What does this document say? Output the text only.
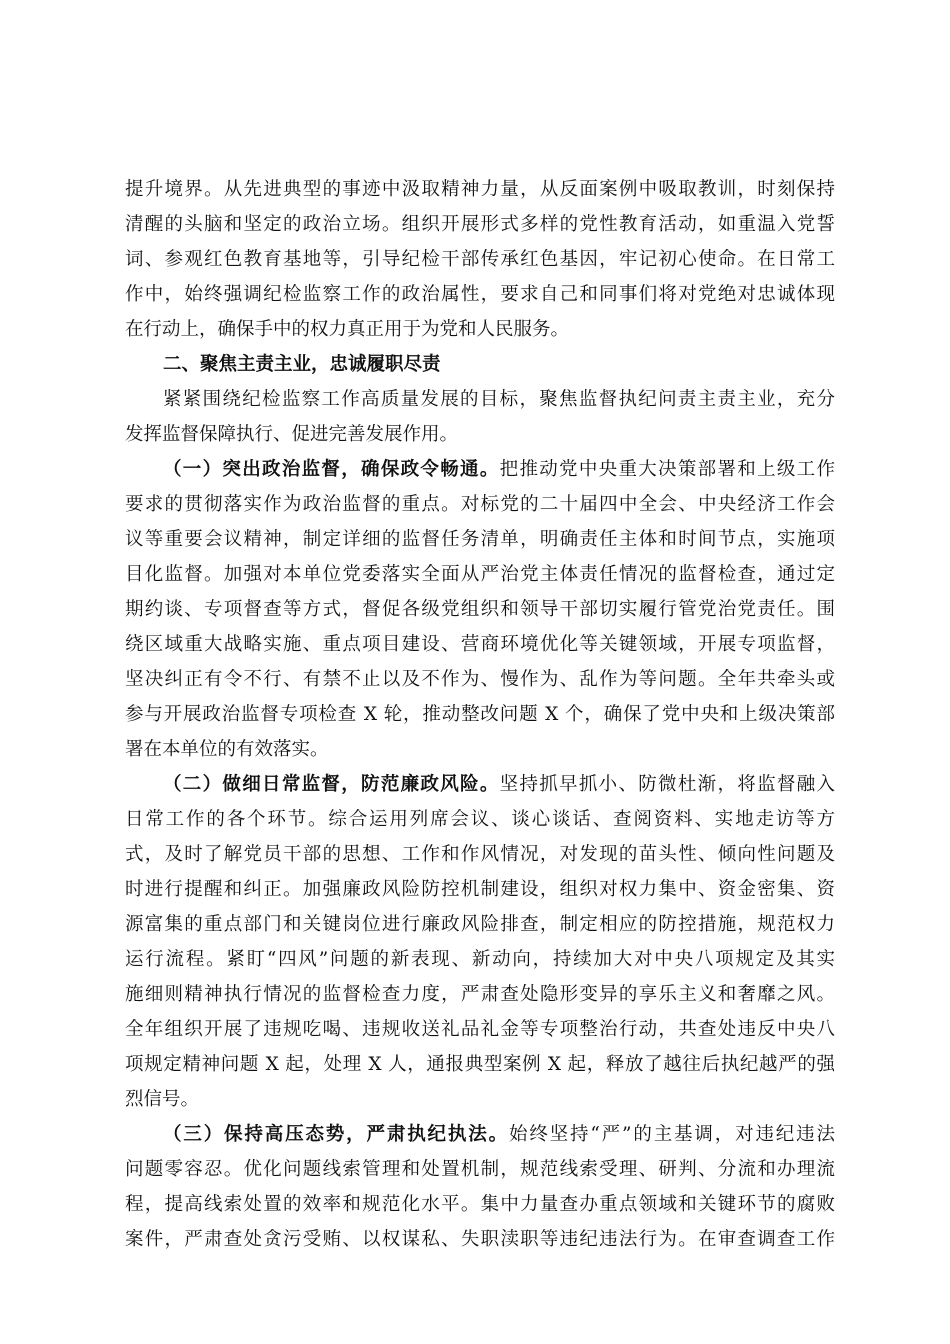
提升境界。从先进典型的事迹中汲取精神力量，从反面案例中吸取教训，时刻保持
清醒的头脑和坚定的政治立场。组织开展形式多样的党性教育活动，如重温入党誓
词、参观红色教育基地等，引导纪检干部传承红色基因，牢记初心使命。在日常工
作中，始终强调纪检监察工作的政治属性，要求自己和同事们将对党绝对忠诚体现
在行动上，确保手中的权力真正用于为党和人民服务。
二、聚焦主责主业，忠诚履职尽责
紧紧围绕纪检监察工作高质量发展的目标，聚焦监督执纪问责主责主业，充分
发挥监督保障执行、促进完善发展作用。
（一）突出政治监督，确保政令畅通。把推动党中央重大决策部署和上级工作
要求的贯彻落实作为政治监督的重点。对标党的二十届四中全会、中央经济工作会
议等重要会议精神，制定详细的监督任务清单，明确责任主体和时间节点，实施项
目化监督。加强对本单位党委落实全面从严治党主体责任情况的监督检查，通过定
期约谈、专项督查等方式，督促各级党组织和领导干部切实履行管党治党责任。围
绕区域重大战略实施、重点项目建设、营商环境优化等关键领域，开展专项监督，
坚决纠正有令不行、有禁不止以及不作为、慢作为、乱作为等问题。全年共牵头或
参与开展政治监督专项检查 X 轮，推动整改问题 X 个，确保了党中央和上级决策部
署在本单位的有效落实。
（二）做细日常监督，防范廉政风险。坚持抓早抓小、防微杜渐，将监督融入
日常工作的各个环节。综合运用列席会议、谈心谈话、查阅资料、实地走访等方
式，及时了解党员干部的思想、工作和作风情况，对发现的苗头性、倾向性问题及
时进行提醒和纠正。加强廉政风险防控机制建设，组织对权力集中、资金密集、资
源富集的重点部门和关键岗位进行廉政风险排查，制定相应的防控措施，规范权力
运行流程。紧盯“四风”问题的新表现、新动向，持续加大对中央八项规定及其实
施细则精神执行情况的监督检查力度，严肃查处隐形变异的享乐主义和奢靡之风。
全年组织开展了违规吃喝、违规收送礼品礼金等专项整治行动，共查处违反中央八
项规定精神问题 X 起，处理 X 人，通报典型案例 X 起，释放了越往后执纪越严的强
烈信号。
（三）保持高压态势，严肃执纪执法。始终坚持“严”的主基调，对违纪违法
问题零容忍。优化问题线索管理和处置机制，规范线索受理、研判、分流和办理流
程，提高线索处置的效率和规范化水平。集中力量查办重点领域和关键环节的腐败
案件，严肃查处贪污受贿、以权谋私、失职渎职等违纪违法行为。在审查调查工作
